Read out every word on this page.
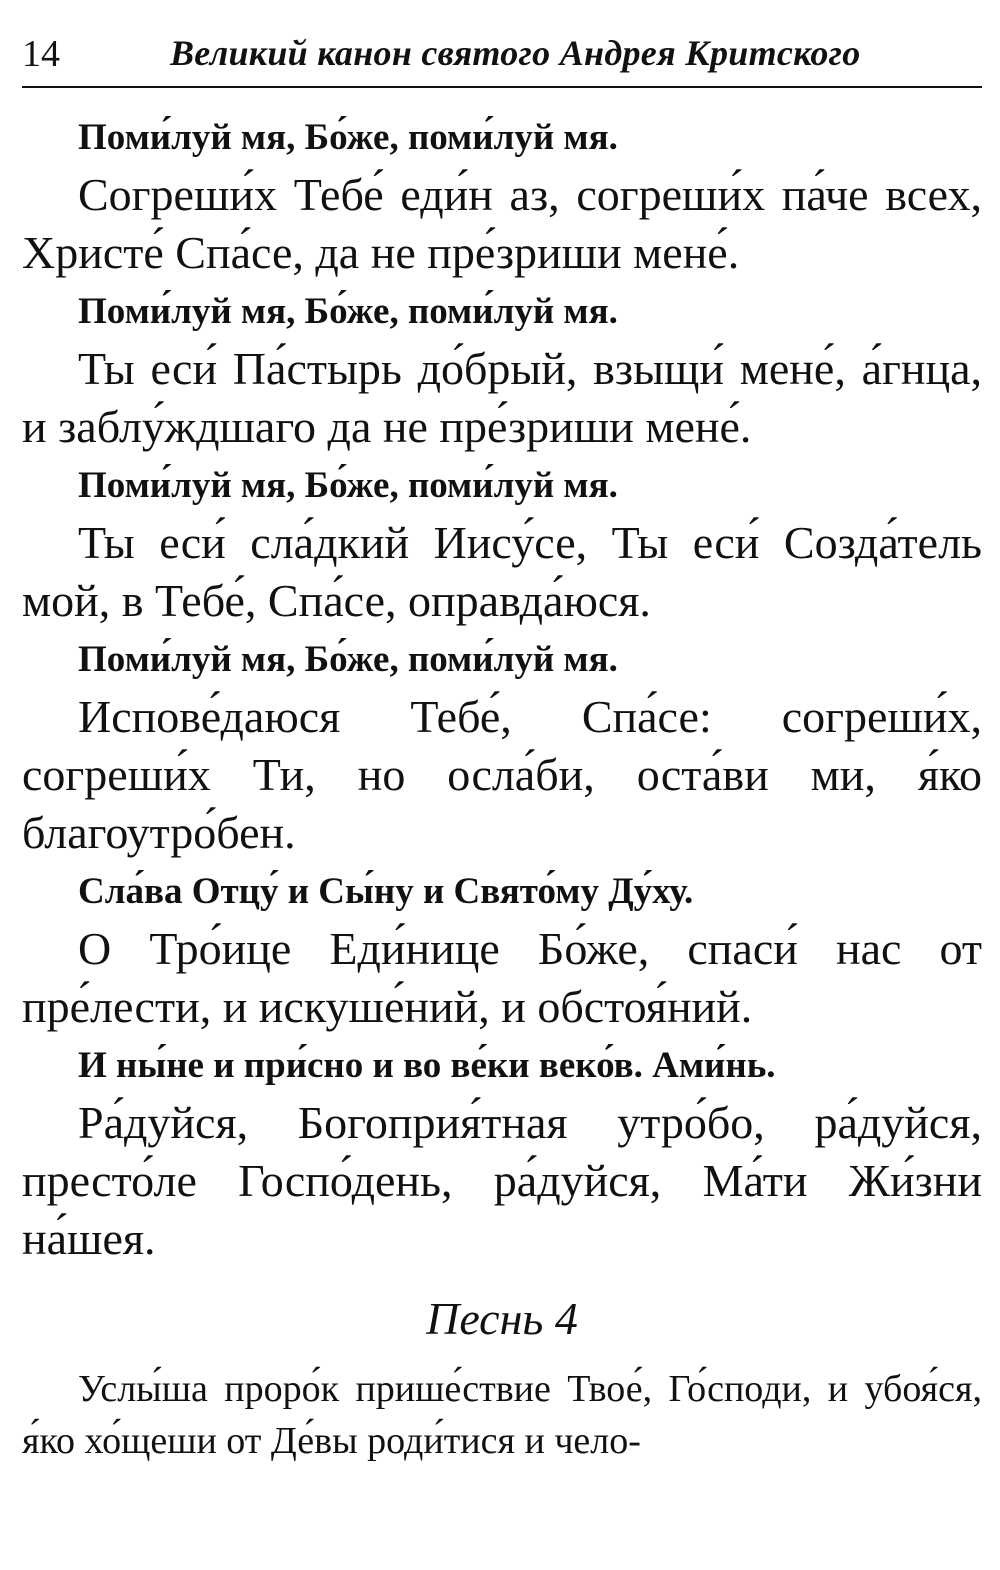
14	Великий канон святого Андрея Критского
Поми́луй мя, Бо́же, поми́луй мя.
Согреши́х Тебе́ еди́н аз, согреши́х па́че всех, Христе́ Спа́се, да не пре́зриши мене́.
Поми́луй мя, Бо́же, поми́луй мя.
Ты еси́ Па́стырь до́брый, взыщи́ мене́, а́гнца, и заблу́ждшаго да не пре́зриши мене́.
Поми́луй мя, Бо́же, поми́луй мя.
Ты еси́ сла́дкий Иису́се, Ты еси́ Созда́тель мой, в Тебе́, Спа́се, оправда́юся.
Поми́луй мя, Бо́же, поми́луй мя.
Испове́даюся Тебе́, Спа́се: согреши́х, согреши́х Ти, но осла́би, оста́ви ми, я́ко благоутро́бен.
Сла́ва Отцу́ и Сы́ну и Свято́му Ду́ху.
О Тро́ице Еди́нице Бо́же, спаси́ нас от пре́лести, и искуше́ний, и обстоя́ний.
И ны́не и при́сно и во ве́ки веко́в. Ами́нь.
Ра́дуйся, Богоприя́тная утро́бо, ра́дуйся, престо́ле Госпо́день, ра́дуйся, Ма́ти Жи́зни на́шея.
Песнь 4
Услы́ша проро́к прише́ствие Твое́, Го́споди, и убоя́ся, я́ко хо́щеши от Де́вы роди́тися и чело-
